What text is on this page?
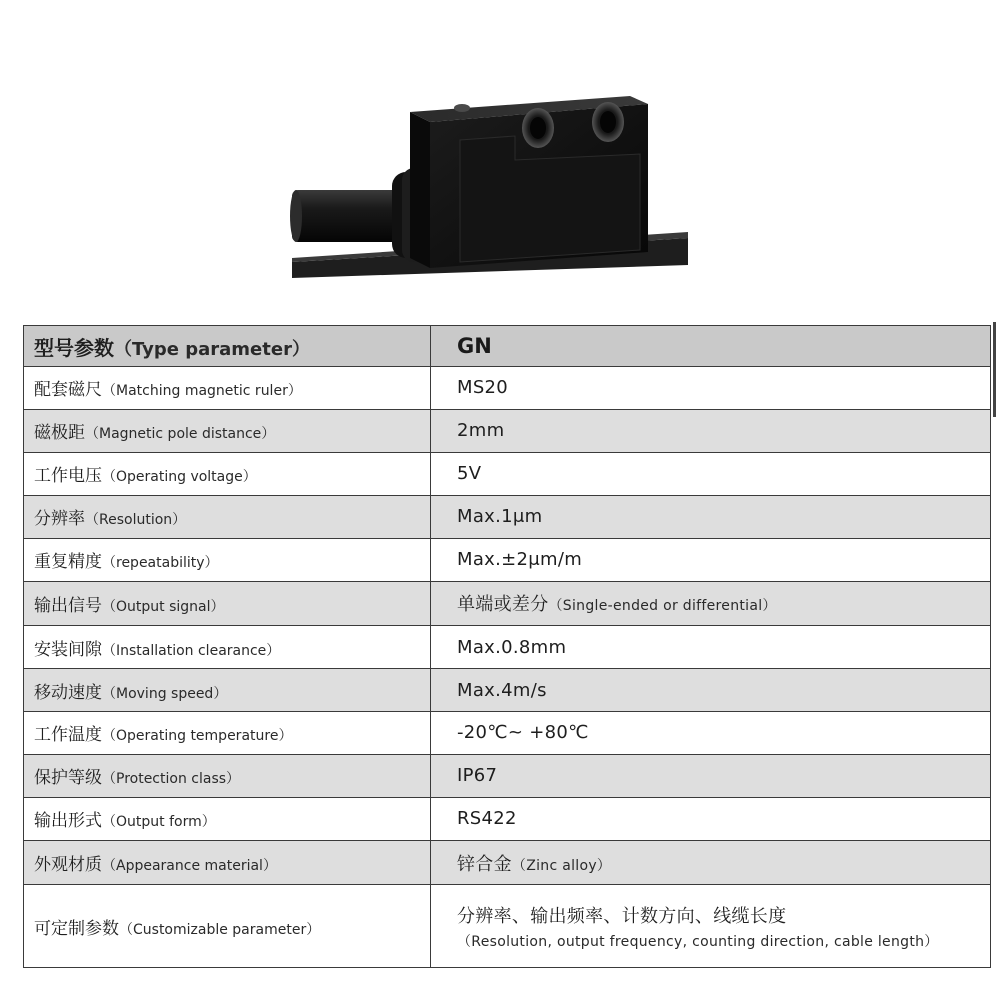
型号参数（Type parameter）	GN
配套磁尺（Matching magnetic ruler）	MS20
磁极距（Magnetic pole distance）	2mm
工作电压（Operating voltage）	5V
分辨率（Resolution）	Max.1μm
重复精度（repeatability）	Max.±2μm/m
输出信号（Output signal）	单端或差分（Single-ended or differential）
安装间隙（Installation clearance）	Max.0.8mm
移动速度（Moving speed）	Max.4m/s
工作温度（Operating temperature）	-20℃~ +80℃
保护等级（Protection class）	IP67
输出形式（Output form）	RS422
外观材质（Appearance material）	锌合金（Zinc alloy）
可定制参数（Customizable parameter）	分辨率、输出频率、计数方向、线缆长度
（Resolution, output frequency, counting direction, cable length）
